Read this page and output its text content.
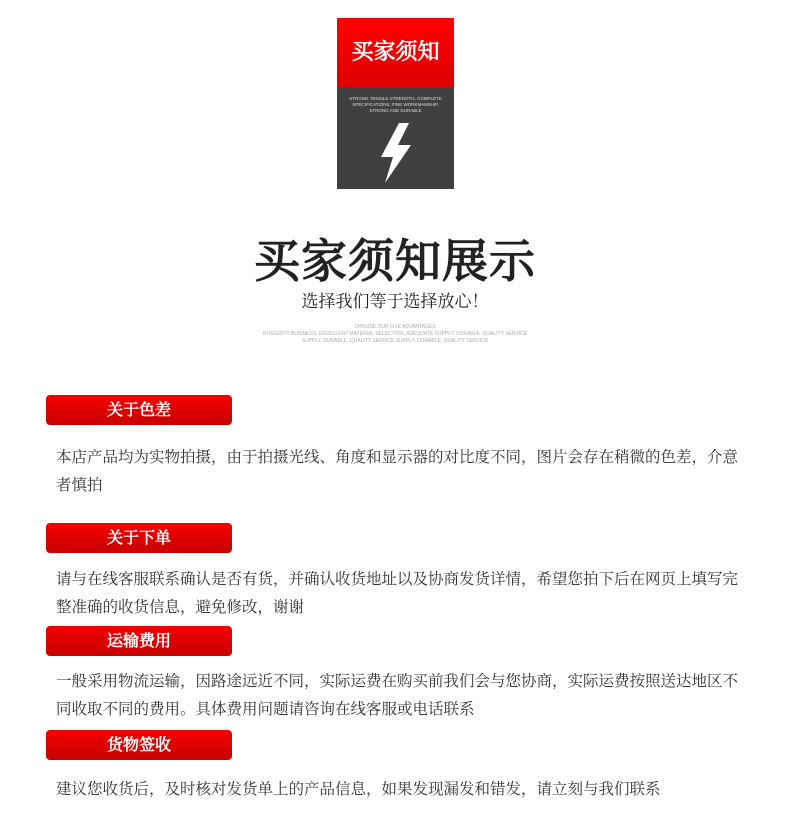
买家须知
STRONG TENSILE STRENGTH, COMPLETE SPECIFICATIONS, FINE WORKMANSHIP, STRONG AND DURABLE
买家须知展示
选择我们等于选择放心！
CHOOSE OUR FIVE ADVANTAGES
INTEGRITY BUSINESS, EXCELLENT MATERIAL SELECTION, ADEQUATE SUPPLY, DURABLE, QUALITY SERVICE
SUPPLY, DURABLE, QUALITY SERVICE SUPPLY, DURABLE, QUALITY SERVICE
关于色差
本店产品均为实物拍摄，由于拍摄光线、角度和显示器的对比度不同，图片会存在稍微的色差，介意者慎拍
关于下单
请与在线客服联系确认是否有货，并确认收货地址以及协商发货详情，希望您拍下后在网页上填写完整准确的收货信息，避免修改，谢谢
运输费用
一般采用物流运输，因路途远近不同，实际运费在购买前我们会与您协商，实际运费按照送达地区不同收取不同的费用。具体费用问题请咨询在线客服或电话联系
货物签收
建议您收货后，及时核对发货单上的产品信息，如果发现漏发和错发，请立刻与我们联系
